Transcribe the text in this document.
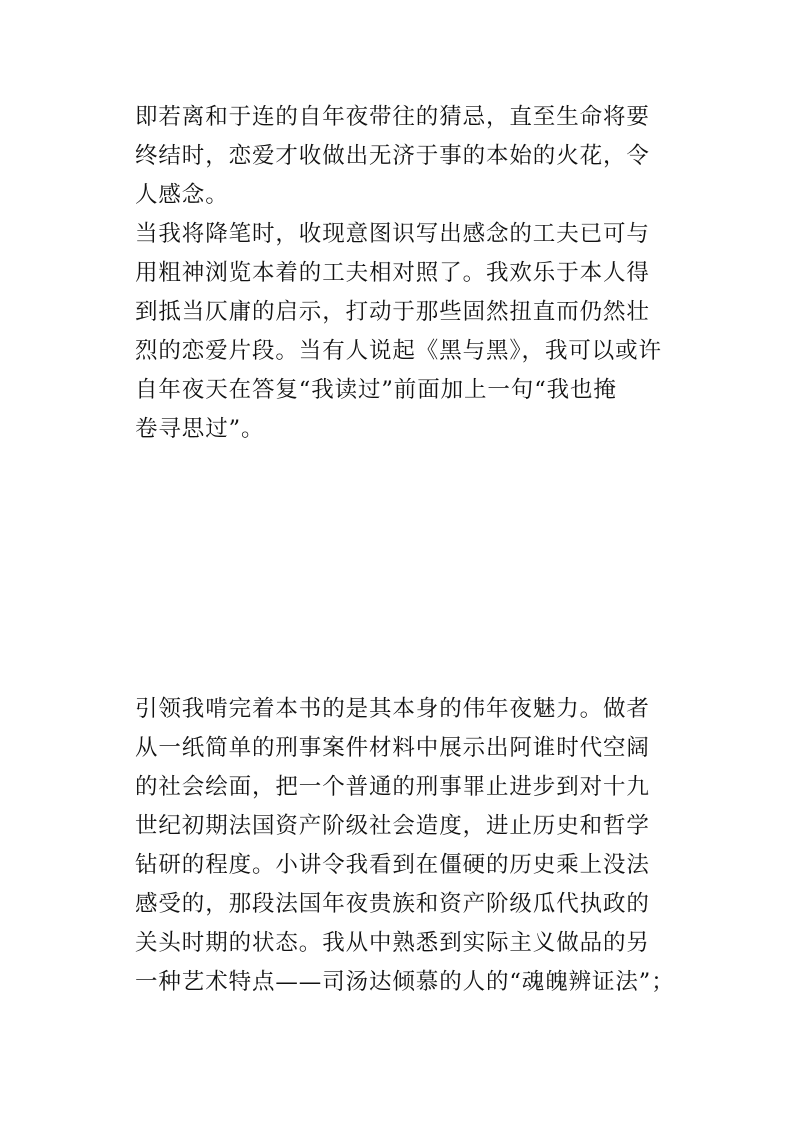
即若离和于连的自年夜带往的猜忌，直至生命将要
终结时，恋爱才收做出无济于事的本始的火花，令
人感念。
当我将降笔时，收现意图识写出感念的工夫已可与
用粗神浏览本着的工夫相对照了。我欢乐于本人得
到抵当仄庸的启示，打动于那些固然扭直而仍然壮
烈的恋爱片段。当有人说起《黑与黑》，我可以或许
自年夜天在答复“我读过”前面加上一句“我也掩
卷寻思过”。
引领我啃完着本书的是其本身的伟年夜魅力。做者
从一纸简单的刑事案件材料中展示出阿谁时代空阔
的社会绘面，把一个普通的刑事罪止进步到对十九
世纪初期法国资产阶级社会造度，进止历史和哲学
钻研的程度。小讲令我看到在僵硬的历史乘上没法
感受的，那段法国年夜贵族和资产阶级瓜代执政的
关头时期的状态。我从中熟悉到实际主义做品的另
一种艺术特点——司汤达倾慕的人的“魂魄辨证法”；
